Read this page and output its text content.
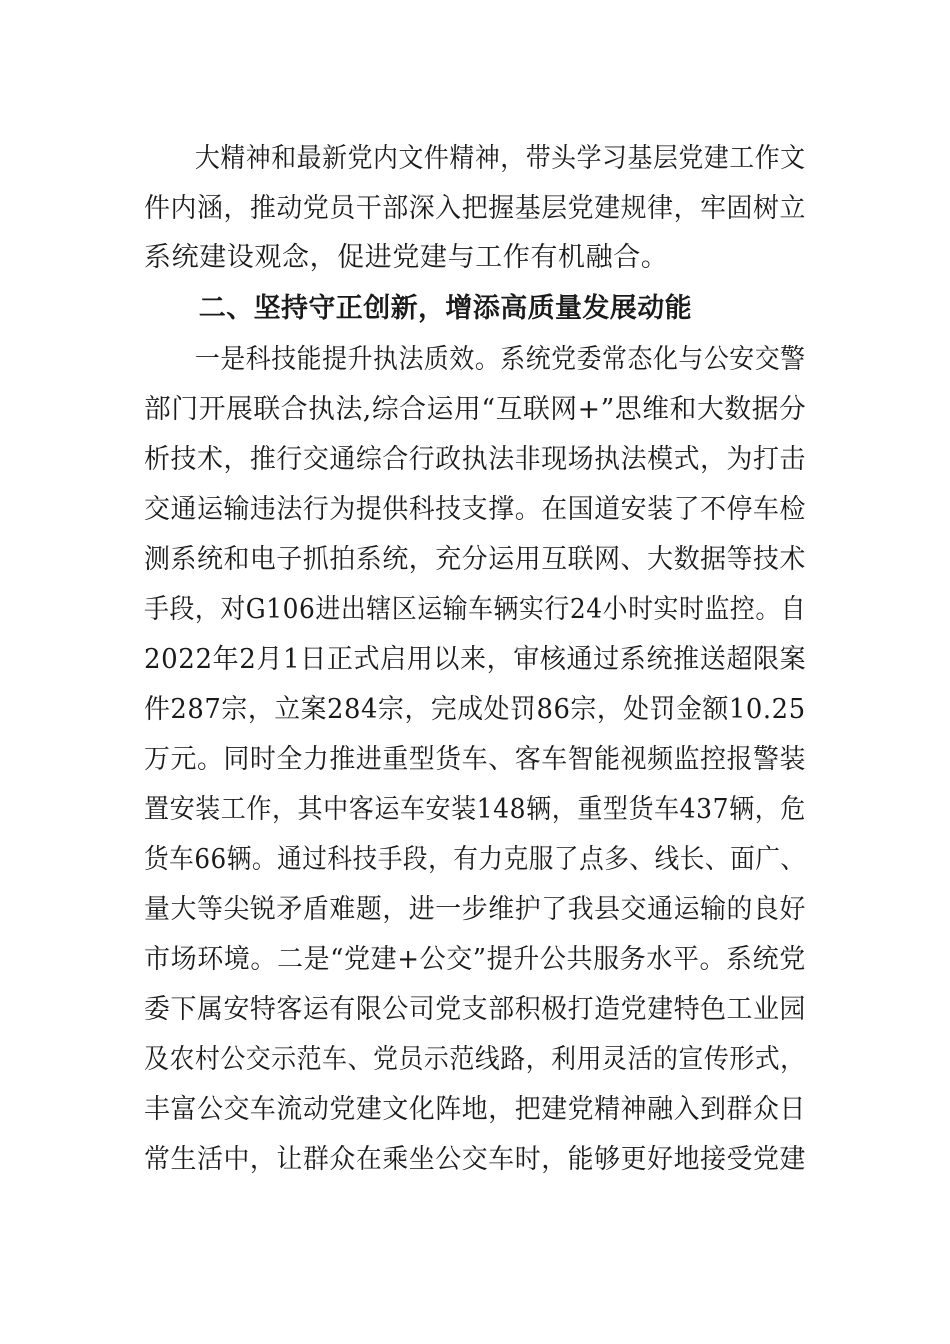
　　大精神和最新党内文件精神，带头学习基层党建工作文
件内涵，推动党员干部深入把握基层党建规律，牢固树立
系统建设观念，促进党建与工作有机融合。
　　二、坚持守正创新，增添高质量发展动能
　　一是科技能提升执法质效。系统党委常态化与公安交警
部门开展联合执法,综合运用“互联网+”思维和大数据分
析技术，推行交通综合行政执法非现场执法模式，为打击
交通运输违法行为提供科技支撑。在国道安装了不停车检
测系统和电子抓拍系统，充分运用互联网、大数据等技术
手段，对G106进出辖区运输车辆实行24小时实时监控。自
2022年2月1日正式启用以来，审核通过系统推送超限案
件287宗，立案284宗，完成处罚86宗，处罚金额10.25
万元。同时全力推进重型货车、客车智能视频监控报警装
置安装工作，其中客运车安装148辆，重型货车437辆，危
货车66辆。通过科技手段，有力克服了点多、线长、面广、
量大等尖锐矛盾难题，进一步维护了我县交通运输的良好
市场环境。二是“党建+公交”提升公共服务水平。系统党
委下属安特客运有限公司党支部积极打造党建特色工业园
及农村公交示范车、党员示范线路，利用灵活的宣传形式，
丰富公交车流动党建文化阵地，把建党精神融入到群众日
常生活中，让群众在乘坐公交车时，能够更好地接受党建
